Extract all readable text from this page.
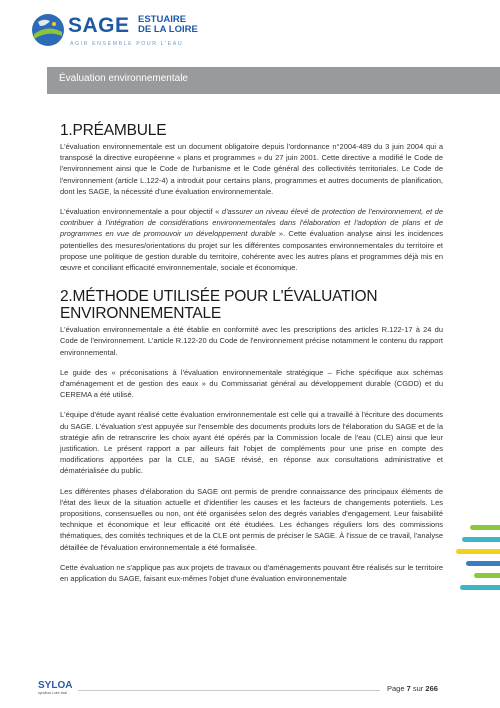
SAGE ESTUAIRE
DE LA LOIRE
AGIR ENSEMBLE POUR L'EAU
Évaluation environnementale
1.PRÉAMBULE

L'évaluation environnementale est un document obligatoire depuis l'ordonnance n°2004-489 du 3 juin 2004 qui a transposé la directive européenne « plans et programmes » du 27 juin 2001. Cette directive a modifié le Code de l'environnement ainsi que le Code de l'urbanisme et le Code général des collectivités territoriales. Le Code de l'environnement (article L.122-4) a introduit pour certains plans, programmes et autres documents de planification, dont les SAGE, la nécessité d'une évaluation environnementale.

L'évaluation environnementale a pour objectif « d'assurer un niveau élevé de protection de l'environnement, et de contribuer à l'intégration de considérations environnementales dans l'élaboration et l'adoption de plans et de programmes en vue de promouvoir un développement durable ». Cette évaluation analyse ainsi les incidences potentielles des mesures/orientations du projet sur les différentes composantes environnementales du territoire et propose une politique de gestion durable du territoire, cohérente avec les autres plans et programmes déjà mis en œuvre et conciliant efficacité environnementale, sociale et économique.

2.MÉTHODE UTILISÉE POUR L'ÉVALUATION
ENVIRONNEMENTALE

L'évaluation environnementale a été établie en conformité avec les prescriptions des articles R.122-17 à 24 du Code de l'environnement. L'article R.122-20 du Code de l'environnement précise notamment le contenu du rapport environnemental.

Le guide des « préconisations à l'évaluation environnementale stratégique – Fiche spécifique aux schémas d'aménagement et de gestion des eaux » du Commissariat général au développement durable (CGDD) et du CEREMA a été utilisé.

L'équipe d'étude ayant réalisé cette évaluation environnementale est celle qui a travaillé à l'écriture des documents du SAGE. L'évaluation s'est appuyée sur l'ensemble des documents produits lors de l'élaboration du SAGE et de la stratégie afin de retranscrire les choix ayant été opérés par la Commission locale de l'eau (CLE) ainsi que leur justification. Le présent rapport a par ailleurs fait l'objet de compléments pour une prise en compte des modifications apportées par la CLE, au SAGE révisé, en réponse aux consultations administrative et dématérialisée du public.

Les différentes phases d'élaboration du SAGE ont permis de prendre connaissance des principaux éléments de l'état des lieux de la situation actuelle et d'identifier les causes et les facteurs de changements potentiels. Les propositions, consensuelles ou non, ont été organisées selon des degrés variables d'engagement. Leur faisabilité technique et économique et leur efficacité ont été étudiées. Les échanges réguliers lors des commissions thématiques, des comités techniques et de la CLE ont permis de préciser le SAGE. À l'issue de ce travail, l'analyse détaillée de l'évaluation environnementale a été formalisée.

Cette évaluation ne s'applique pas aux projets de travaux ou d'aménagements pouvant être réalisés sur le territoire en application du SAGE, faisant eux-mêmes l'objet d'une évaluation environnementale

SYLOA
syndicat Loire aval	Page 7 sur 266
